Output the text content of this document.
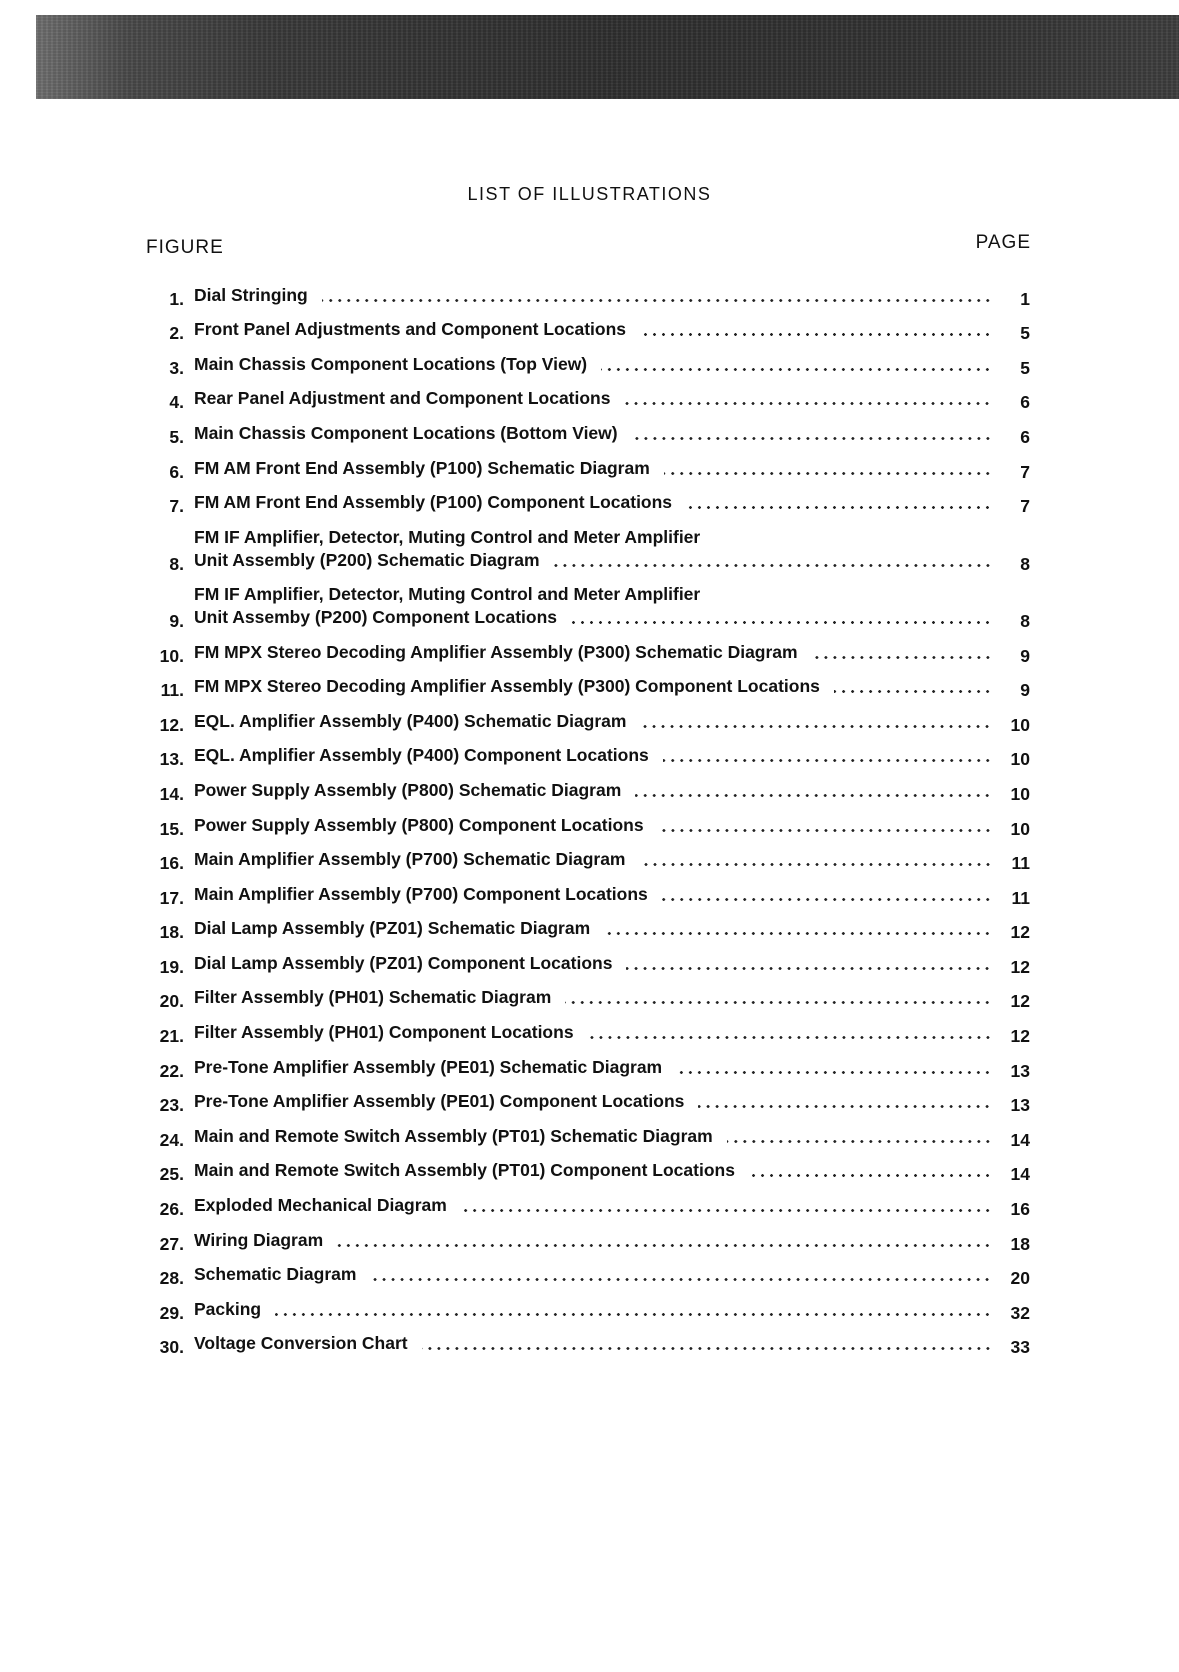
LIST OF ILLUSTRATIONS
FIGURE	PAGE
1. Dial Stringing	1
2. Front Panel Adjustments and Component Locations	5
3. Main Chassis Component Locations (Top View)	5
4. Rear Panel Adjustment and Component Locations	6
5. Main Chassis Component Locations (Bottom View)	6
6. FM AM Front End Assembly (P100) Schematic Diagram	7
7. FM AM Front End Assembly (P100) Component Locations	7
8.
FM IF Amplifier, Detector, Muting Control and Meter Amplifier
Unit Assembly (P200) Schematic Diagram	8
9.
FM IF Amplifier, Detector, Muting Control and Meter Amplifier
Unit Assemby (P200) Component Locations	8
10. FM MPX Stereo Decoding Amplifier Assembly (P300) Schematic Diagram	9
11. FM MPX Stereo Decoding Amplifier Assembly (P300) Component Locations	9
12. EQL. Amplifier Assembly (P400) Schematic Diagram	10
13. EQL. Amplifier Assembly (P400) Component Locations	10
14. Power Supply Assembly (P800) Schematic Diagram	10
15. Power Supply Assembly (P800) Component Locations	10
16. Main Amplifier Assembly (P700) Schematic Diagram	11
17. Main Amplifier Assembly (P700) Component Locations	11
18. Dial Lamp Assembly (PZ01) Schematic Diagram	12
19. Dial Lamp Assembly (PZ01) Component Locations	12
20. Filter Assembly (PH01) Schematic Diagram	12
21. Filter Assembly (PH01) Component Locations	12
22. Pre-Tone Amplifier Assembly (PE01) Schematic Diagram	13
23. Pre-Tone Amplifier Assembly (PE01) Component Locations	13
24. Main and Remote Switch Assembly (PT01) Schematic Diagram	14
25. Main and Remote Switch Assembly (PT01) Component Locations	14
26. Exploded Mechanical Diagram	16
27. Wiring Diagram	18
28. Schematic Diagram	20
29. Packing	32
30. Voltage Conversion Chart	33
